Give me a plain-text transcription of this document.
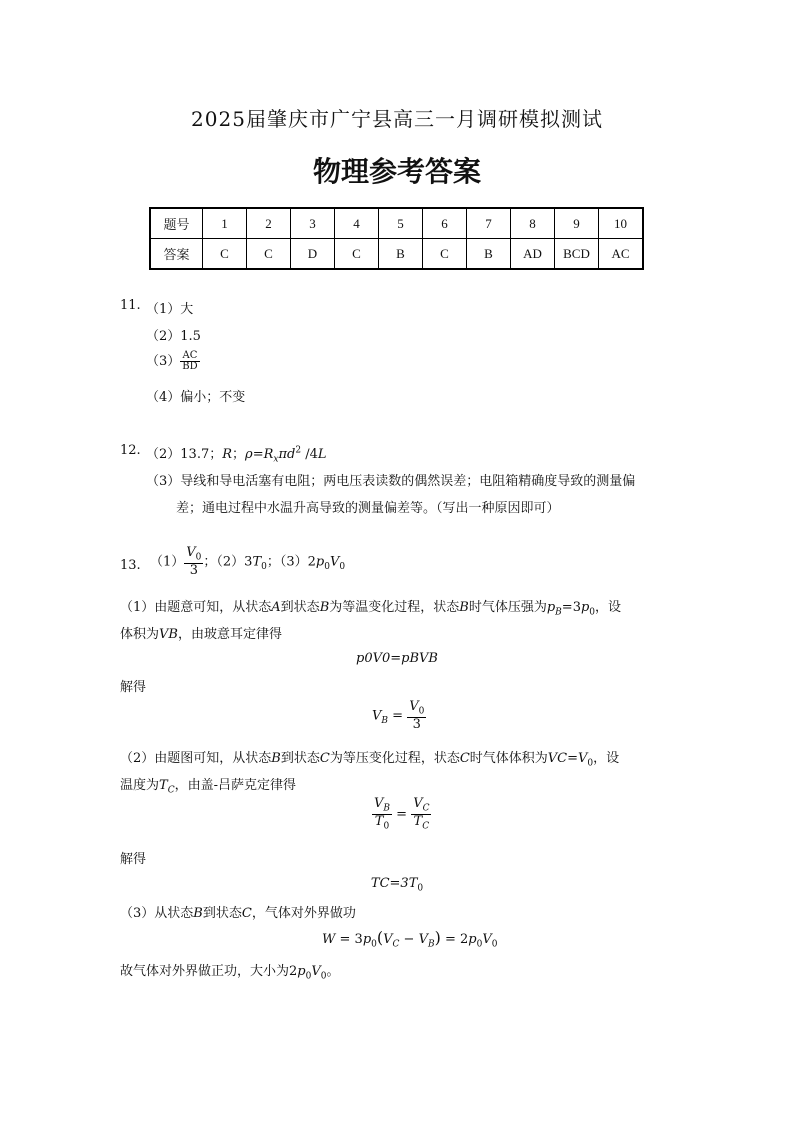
2025届肇庆市广宁县高三一月调研模拟测试
物理参考答案
题号	1	2	3	4	5	6	7	8	9	10
答案	C	C	D	C	B	C	B	AD	BCD	AC
11. （1）大
（2）1.5
$(3) \frac{AC}{BD}$
（4）偏小；不变
12. （2）13.7；R；$\rho=R_x\pi d^2$ /4L
（3）导线和导电活塞有电阻；两电压表读数的偶然误差；电阻箱精确度导致的测量偏
差；通电过程中水温升高导致的测量偏差等。（写出一种原因即可）
13. $(1) \frac{V_0}{3}$ ；$(2)3T_0$；$(3)2p_0V_0$
（1）由题意可知，从状态A到状态B为等温变化过程，状态B时气体压强为$p_B=3p_0$，设
体积为VB，由玻意耳定律得
p0V0=pBVB
解得
$V_B = \frac{V_0}{3}$
（2）由题图可知，从状态B到状态C为等压变化过程，状态C时气体体积为$VC=V_0$，设
温度为$T_C$，由盖-吕萨克定律得
$\frac{V_B}{T_0} = \frac{V_C}{T_C}$
解得
$TC=3T_0$
（3）从状态B到状态C，气体对外界做功
$W = 3p_0(V_C - V_B) = 2p_0V_0$
故气体对外界做正功，大小为$2p_0V_0$。
